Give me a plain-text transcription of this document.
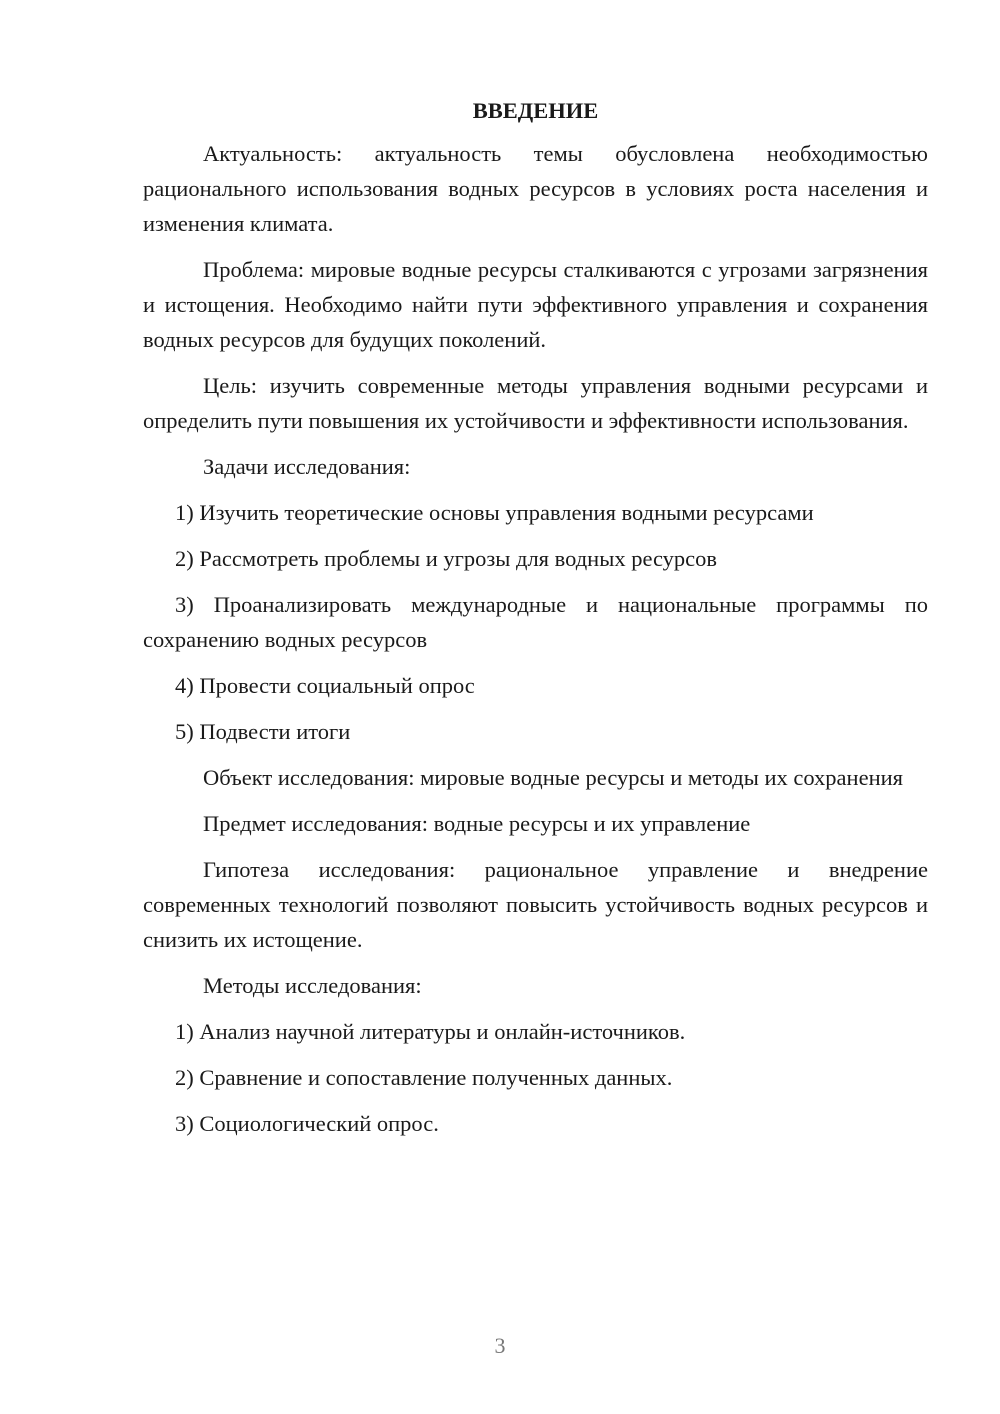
ВВЕДЕНИЕ

Актуальность: актуальность темы обусловлена необходимостью рационального использования водных ресурсов в условиях роста населения и изменения климата.

Проблема: мировые водные ресурсы сталкиваются с угрозами загрязнения и истощения. Необходимо найти пути эффективного управления и сохранения водных ресурсов для будущих поколений.

Цель: изучить современные методы управления водными ресурсами и определить пути повышения их устойчивости и эффективности использования.

Задачи исследования:

1) Изучить теоретические основы управления водными ресурсами

2) Рассмотреть проблемы и угрозы для водных ресурсов

3) Проанализировать международные и национальные программы по сохранению водных ресурсов

4) Провести социальный опрос

5) Подвести итоги

Объект исследования: мировые водные ресурсы и методы их сохранения

Предмет исследования: водные ресурсы и их управление

Гипотеза исследования: рациональное управление и внедрение современных технологий позволяют повысить устойчивость водных ресурсов и снизить их истощение.

Методы исследования:

1) Анализ научной литературы и онлайн-источников.

2) Сравнение и сопоставление полученных данных.

3) Социологический опрос.

3
